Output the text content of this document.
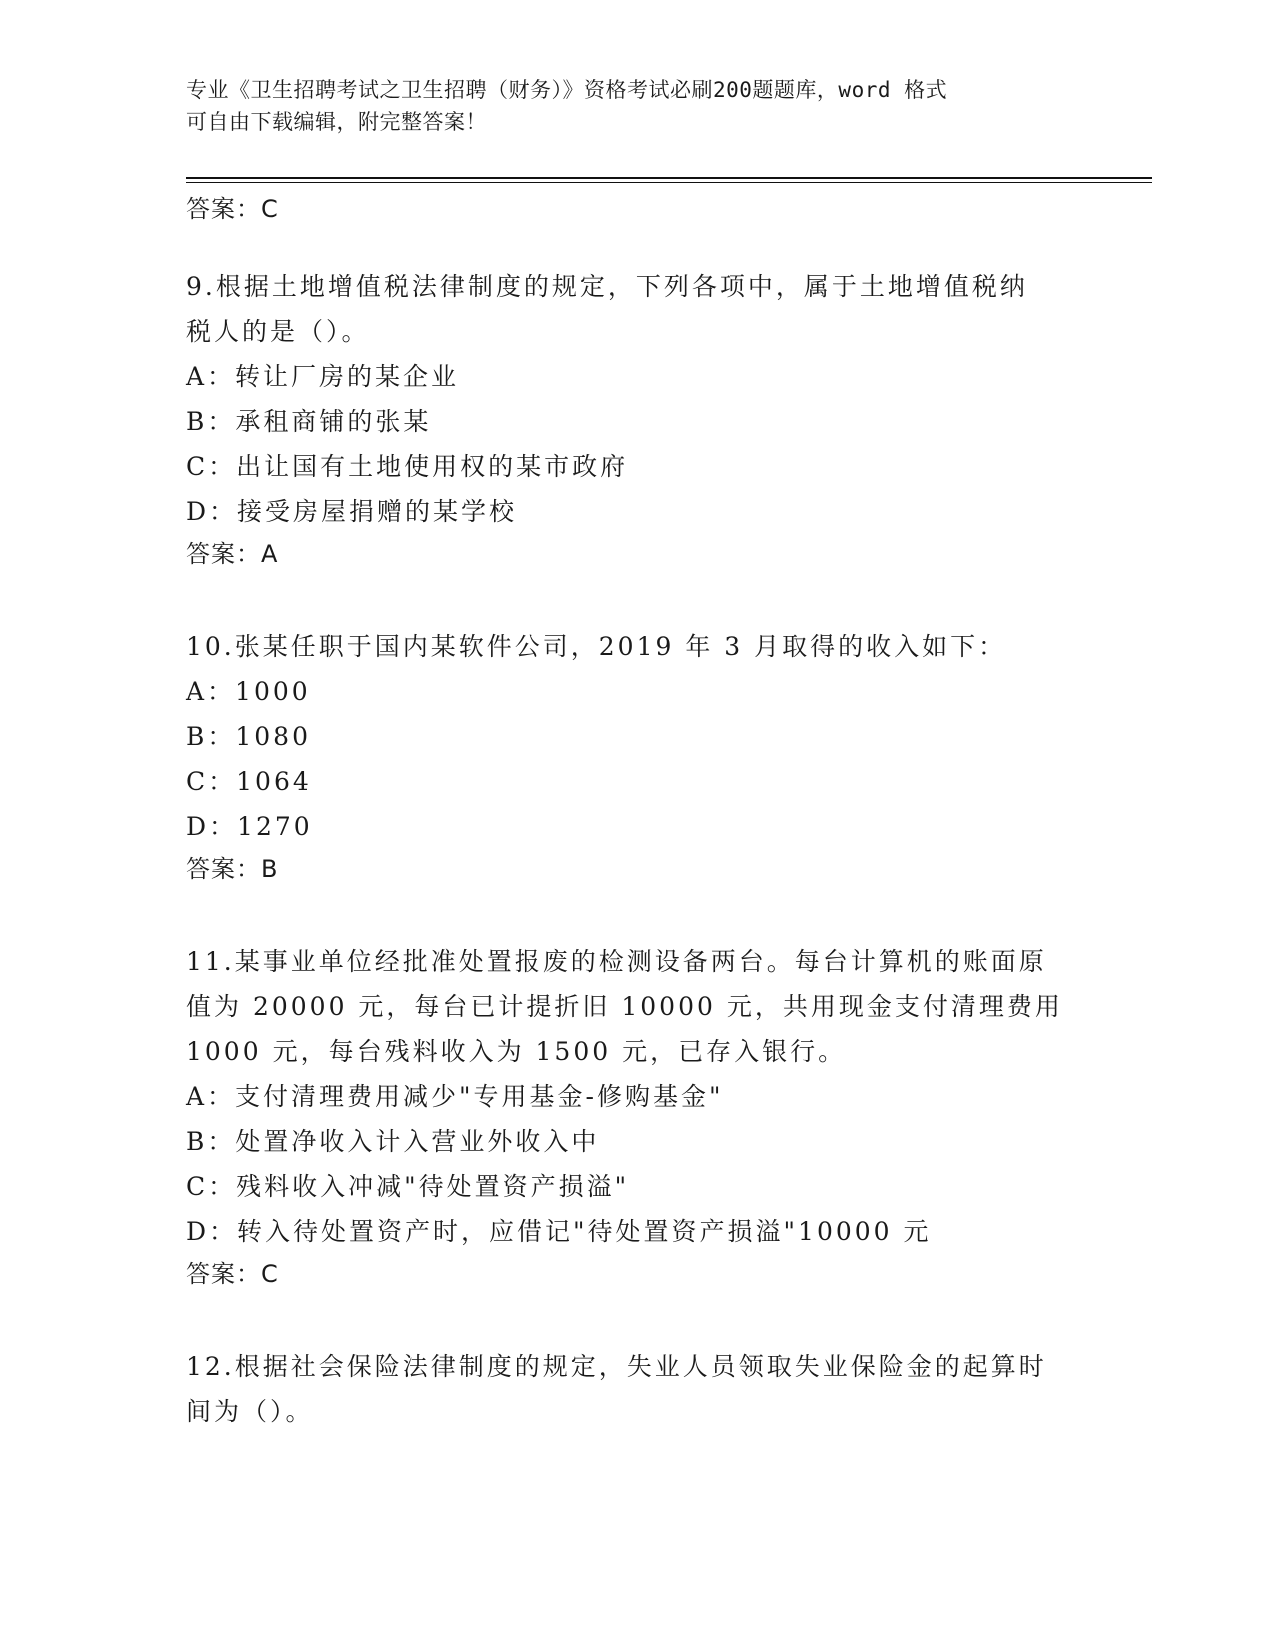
专业《卫生招聘考试之卫生招聘（财务）》资格考试必刷200题题库，word 格式
可自由下载编辑，附完整答案！

答案：C

9.根据土地增值税法律制度的规定，下列各项中，属于土地增值税纳

税人的是（）。

A：转让厂房的某企业

B：承租商铺的张某

C：出让国有土地使用权的某市政府

D：接受房屋捐赠的某学校

答案：A

10.张某任职于国内某软件公司，2019 年 3 月取得的收入如下：

A：1000

B：1080

C：1064

D：1270

答案：B

11.某事业单位经批准处置报废的检测设备两台。每台计算机的账面原

值为 20000 元，每台已计提折旧 10000 元，共用现金支付清理费用

1000 元，每台残料收入为 1500 元，已存入银行。

A：支付清理费用减少"专用基金-修购基金"

B：处置净收入计入营业外收入中

C：残料收入冲减"待处置资产损溢"

D：转入待处置资产时，应借记"待处置资产损溢"10000 元

答案：C

12.根据社会保险法律制度的规定，失业人员领取失业保险金的起算时

间为（）。
